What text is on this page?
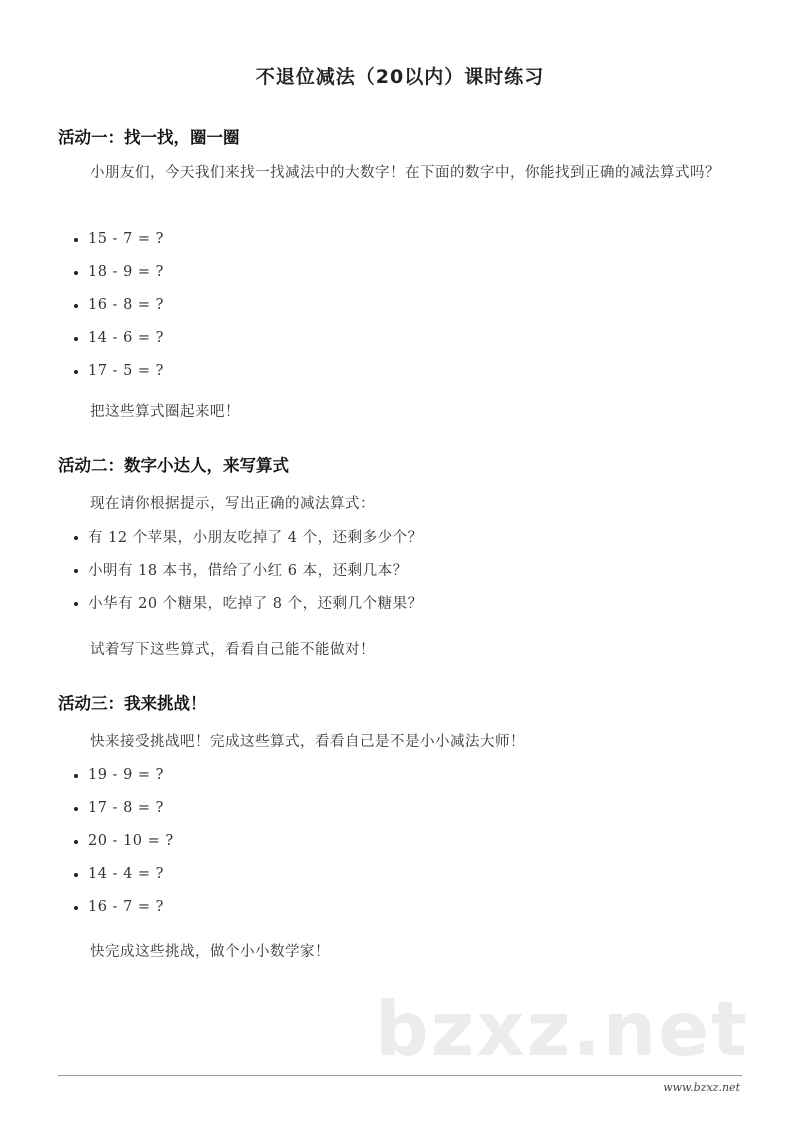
不退位减法（20以内）课时练习
活动一：找一找，圈一圈
小朋友们，今天我们来找一找减法中的大数字！在下面的数字中，你能找到正确的减法算式吗？
15 - 7 = ?
18 - 9 = ?
16 - 8 = ?
14 - 6 = ?
17 - 5 = ?
把这些算式圈起来吧！
活动二：数字小达人，来写算式
现在请你根据提示，写出正确的减法算式：
有 12 个苹果，小朋友吃掉了 4 个，还剩多少个？
小明有 18 本书，借给了小红 6 本，还剩几本？
小华有 20 个糖果，吃掉了 8 个，还剩几个糖果？
试着写下这些算式，看看自己能不能做对！
活动三：我来挑战！
快来接受挑战吧！完成这些算式，看看自己是不是小小减法大师！
19 - 9 = ?
17 - 8 = ?
20 - 10 = ?
14 - 4 = ?
16 - 7 = ?
快完成这些挑战，做个小小数学家！
bzxz.net
www.bzxz.net
